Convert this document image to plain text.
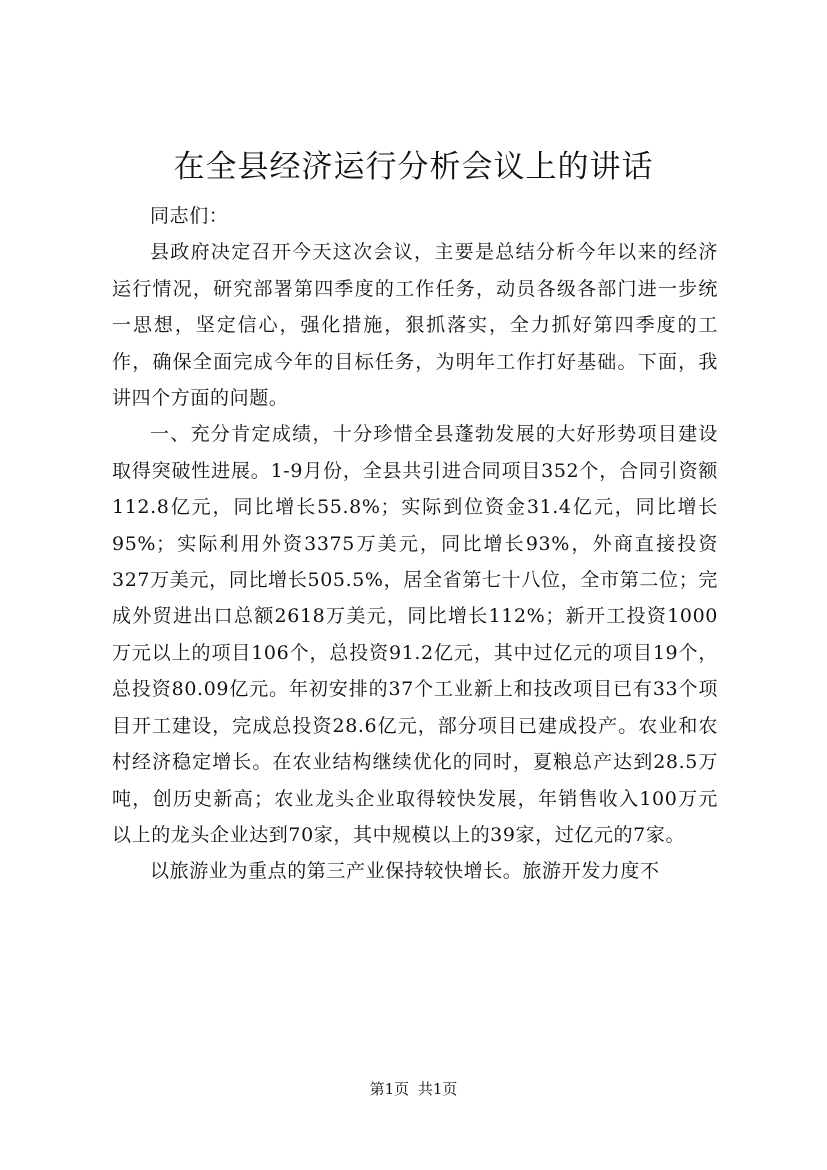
在全县经济运行分析会议上的讲话

同志们：

县政府决定召开今天这次会议，主要是总结分析今年以来的经济运行情况，研究部署第四季度的工作任务，动员各级各部门进一步统一思想，坚定信心，强化措施，狠抓落实，全力抓好第四季度的工作，确保全面完成今年的目标任务，为明年工作打好基础。下面，我讲四个方面的问题。

一、充分肯定成绩，十分珍惜全县蓬勃发展的大好形势项目建设取得突破性进展。1-9月份，全县共引进合同项目352个，合同引资额112.8亿元，同比增长55.8%；实际到位资金31.4亿元，同比增长95%；实际利用外资3375万美元，同比增长93%，外商直接投资327万美元，同比增长505.5%，居全省第七十八位，全市第二位；完成外贸进出口总额2618万美元，同比增长112%；新开工投资1000万元以上的项目106个，总投资91.2亿元，其中过亿元的项目19个，总投资80.09亿元。年初安排的37个工业新上和技改项目已有33个项目开工建设，完成总投资28.6亿元，部分项目已建成投产。农业和农村经济稳定增长。在农业结构继续优化的同时，夏粮总产达到28.5万吨，创历史新高；农业龙头企业取得较快发展，年销售收入100万元以上的龙头企业达到70家，其中规模以上的39家，过亿元的7家。

以旅游业为重点的第三产业保持较快增长。旅游开发力度不

第1页 共1页
